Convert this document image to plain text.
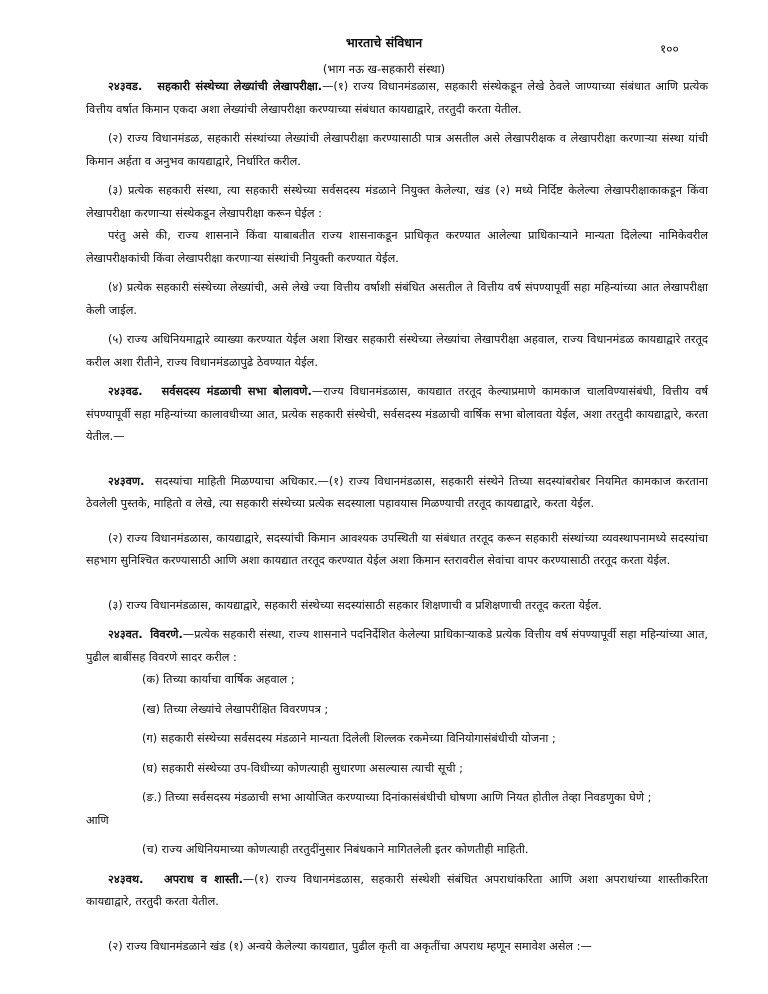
भारताचे संविधान	१००
(भाग नऊ ख-सहकारी संस्था)

२४३वड. सहकारी संस्थेच्या लेख्यांची लेखापरीक्षा.—(१) राज्य विधानमंडळास, सहकारी संस्थेकडून लेखे ठेवले जाण्याच्या संबंधात आणि प्रत्येक वित्तीय वर्षात किमान एकदा अशा लेख्यांची लेखापरीक्षा करण्याच्या संबंधात कायद्याद्वारे, तरतुदी करता येतील.

(२) राज्य विधानमंडळ, सहकारी संस्थांच्या लेख्यांची लेखापरीक्षा करण्यासाठी पात्र असतील असे लेखापरीक्षक व लेखापरीक्षा करणाऱ्या संस्था यांची किमान अर्हता व अनुभव कायद्याद्वारे, निर्धारित करील.

(३) प्रत्येक सहकारी संस्था, त्या सहकारी संस्थेच्या सर्वसदस्य मंडळाने नियुक्त केलेल्या, खंड (२) मध्ये निर्दिष्ट केलेल्या लेखापरीक्षाकाकडून किंवा लेखापरीक्षा करणाऱ्या संस्थेकडून लेखापरीक्षा करून घेईल :

परंतु असे की, राज्य शासनाने किंवा याबाबतीत राज्य शासनाकडून प्राधिकृत करण्यात आलेल्या प्राधिकाऱ्याने मान्यता दिलेल्या नामिकेवरील लेखापरीक्षकांची किंवा लेखापरीक्षा करणाऱ्या संस्थांची नियुक्ती करण्यात येईल.

(४) प्रत्येक सहकारी संस्थेच्या लेख्यांची, असे लेखे ज्या वित्तीय वर्षाशी संबंधित असतील ते वित्तीय वर्ष संपण्यापूर्वी सहा महिन्यांच्या आत लेखापरीक्षा केली जाईल.

(५) राज्य अधिनियमाद्वारे व्याख्या करण्यात येईल अशा शिखर सहकारी संस्थेच्या लेख्यांचा लेखापरीक्षा अहवाल, राज्य विधानमंडळ कायद्याद्वारे तरतूद करील अशा रीतीने, राज्य विधानमंडळापुढे ठेवण्यात येईल.

२४३वढ. सर्वसदस्य मंडळाची सभा बोलावणे.—राज्य विधानमंडळास, कायद्यात तरतूद केल्याप्रमाणे कामकाज चालविण्यासंबंधी, वित्तीय वर्ष संपण्यापूर्वी सहा महिन्यांच्या कालावधीच्या आत, प्रत्येक सहकारी संस्थेची, सर्वसदस्य मंडळाची वार्षिक सभा बोलावता येईल, अशा तरतुदी कायद्याद्वारे, करता येतील.—

२४३वण. सदस्यांचा माहिती मिळण्याचा अधिकार.—(१) राज्य विधानमंडळास, सहकारी संस्थेने तिच्या सदस्यांबरोबर नियमित कामकाज करताना ठेवलेली पुस्तके, माहितो व लेखे, त्या सहकारी संस्थेच्या प्रत्येक सदस्याला पहावयास मिळण्याची तरतूद कायद्याद्वारे, करता येईल.

(२) राज्य विधानमंडळास, कायद्याद्वारे, सदस्यांची किमान आवश्यक उपस्थिती या संबंधात तरतूद करून सहकारी संस्थांच्या व्यवस्थापनामध्ये सदस्यांचा सहभाग सुनिश्चित करण्यासाठी आणि अशा कायद्यात तरतूद करण्यात येईल अशा किमान स्तरावरील सेवांचा वापर करण्यासाठी तरतूद करता येईल.

(३) राज्य विधानमंडळास, कायद्याद्वारे, सहकारी संस्थेच्या सदस्यांसाठी सहकार शिक्षणाची व प्रशिक्षणाची तरतूद करता येईल.

२४३वत. विवरणे.—प्रत्येक सहकारी संस्था, राज्य शासनाने पदनिर्देशित केलेल्या प्राधिकाऱ्याकडे प्रत्येक वित्तीय वर्ष संपण्यापूर्वी सहा महिन्यांच्या आत, पुढील बाबींसह विवरणे सादर करील :

(क) तिच्या कार्याचा वार्षिक अहवाल ;

(ख) तिच्या लेख्यांचे लेखापरीक्षित विवरणपत्र ;

(ग) सहकारी संस्थेच्या सर्वसदस्य मंडळाने मान्यता दिलेली शिल्लक रकमेच्या विनियोगासंबंधीची योजना ;

(घ) सहकारी संस्थेच्या उप-विधीच्या कोणत्याही सुधारणा असल्यास त्याची सूची ;

(ङ.) तिच्या सर्वसदस्य मंडळाची सभा आयोजित करण्याच्या दिनांकासंबंधीची घोषणा आणि नियत होतील तेव्हा निवडणुका घेणे ;

आणि

(च) राज्य अधिनियमाच्या कोणत्याही तरतुदींनुसार निबंधकाने मागितलेली इतर कोणतीही माहिती.

२४३वथ. अपराध व शास्ती.—(१) राज्य विधानमंडळास, सहकारी संस्थेशी संबंधित अपराधांकरिता आणि अशा अपराधांच्या शास्तीकरिता कायद्याद्वारे, तरतुदी करता येतील.

(२) राज्य विधानमंडळाने खंड (१) अन्वये केलेल्या कायद्यात, पुढील कृती वा अकृतींचा अपराध म्हणून समावेश असेल :—
